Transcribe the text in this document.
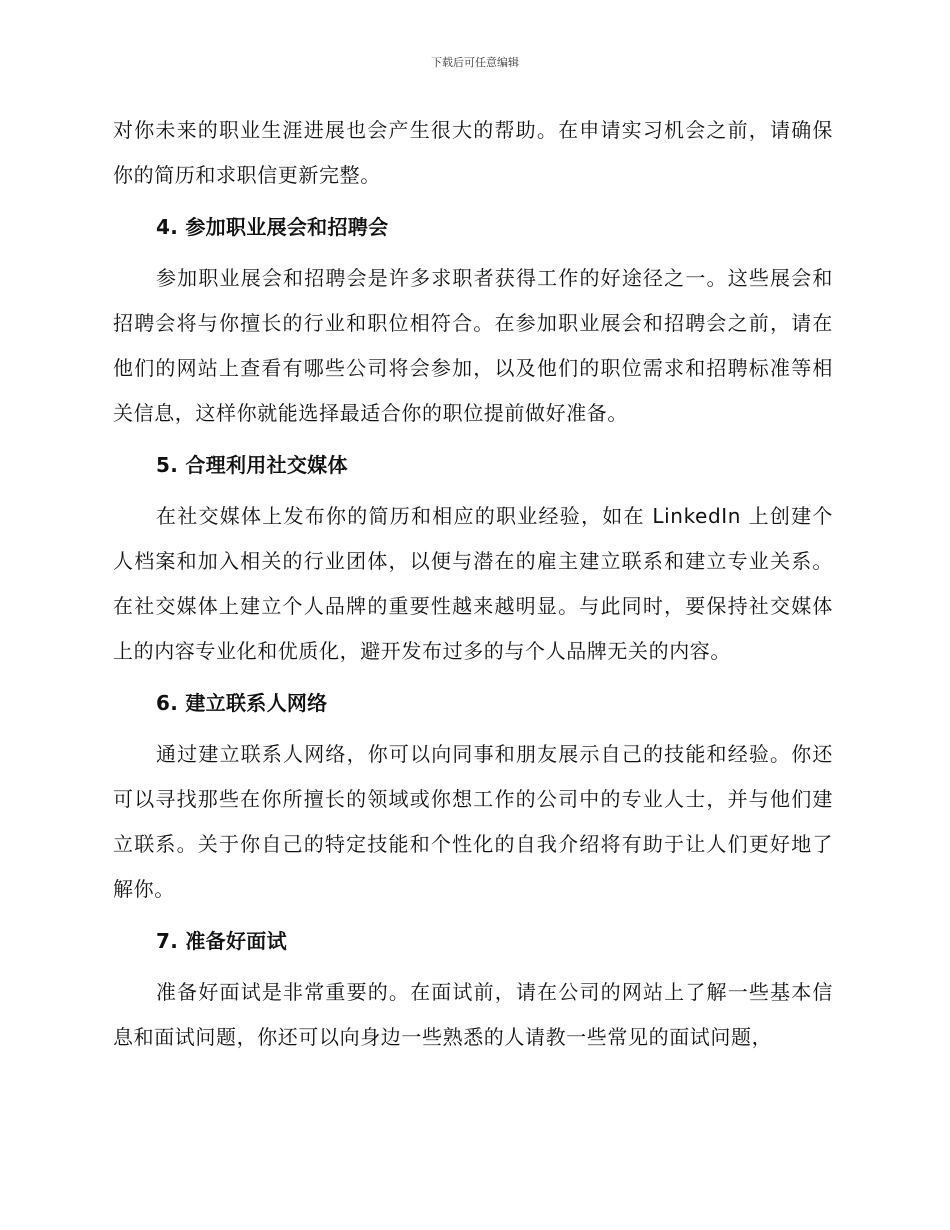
下载后可任意编辑

对你未来的职业生涯进展也会产生很大的帮助。在申请实习机会之前，请确保你的简历和求职信更新完整。

4. 参加职业展会和招聘会

参加职业展会和招聘会是许多求职者获得工作的好途径之一。这些展会和招聘会将与你擅长的行业和职位相符合。在参加职业展会和招聘会之前，请在他们的网站上查看有哪些公司将会参加，以及他们的职位需求和招聘标准等相关信息，这样你就能选择最适合你的职位提前做好准备。

5. 合理利用社交媒体

在社交媒体上发布你的简历和相应的职业经验，如在 LinkedIn 上创建个人档案和加入相关的行业团体，以便与潜在的雇主建立联系和建立专业关系。在社交媒体上建立个人品牌的重要性越来越明显。与此同时，要保持社交媒体上的内容专业化和优质化，避开发布过多的与个人品牌无关的内容。

6. 建立联系人网络

通过建立联系人网络，你可以向同事和朋友展示自己的技能和经验。你还可以寻找那些在你所擅长的领域或你想工作的公司中的专业人士，并与他们建立联系。关于你自己的特定技能和个性化的自我介绍将有助于让人们更好地了解你。

7. 准备好面试

准备好面试是非常重要的。在面试前，请在公司的网站上了解一些基本信息和面试问题，你还可以向身边一些熟悉的人请教一些常见的面试问题，
